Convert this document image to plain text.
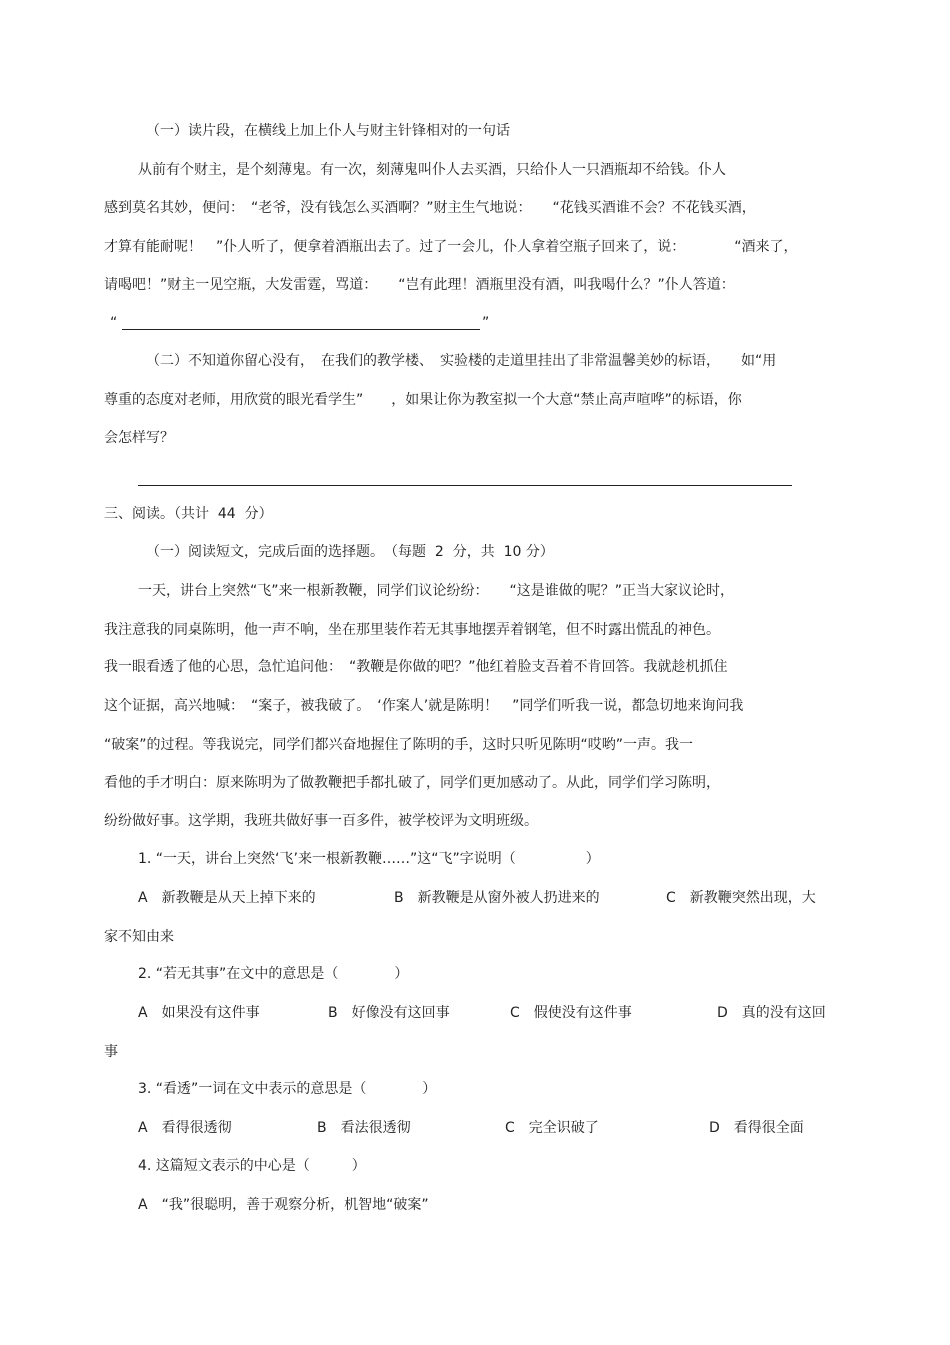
（一）读片段，在横线上加上仆人与财主针锋相对的一句话
从前有个财主，是个刻薄鬼。有一次，刻薄鬼叫仆人去买酒，只给仆人一只酒瓶却不给钱。仆人
感到莫名其妙，便问：　“老爷，没有钱怎么买酒啊？”财主生气地说：　　“花钱买酒谁不会？不花钱买酒，
才算有能耐呢！　”仆人听了，便拿着酒瓶出去了。过了一会儿，仆人拿着空瓶子回来了，说：　　　　“酒来了，
请喝吧！”财主一见空瓶，大发雷霆，骂道：　　“岂有此理！酒瓶里没有酒，叫我喝什么？”仆人答道：
“	”
（二）不知道你留心没有，　在我们的教学楼、　实验楼的走道里挂出了非常温馨美妙的标语，　　如“用
尊重的态度对老师，用欣赏的眼光看学生”　　，如果让你为教室拟一个大意“禁止高声喧哗”的标语，你
会怎样写？
三、阅读。（共计  44  分）
（一）阅读短文，完成后面的选择题。　（每题  2  分，共  10 分）
一天，讲台上突然“飞”来一根新教鞭，同学们议论纷纷：　　“这是谁做的呢？”正当大家议论时，
我注意我的同桌陈明，他一声不响，坐在那里装作若无其事地摆弄着钢笔，但不时露出慌乱的神色。
我一眼看透了他的心思，急忙追问他：　“教鞭是你做的吧？”他红着脸支吾着不肯回答。我就趁机抓住
这个证据，高兴地喊：　“案子，被我破了。　‘作案人’就是陈明！　”同学们听我一说，都急切地来询问我
“破案”的过程。等我说完，同学们都兴奋地握住了陈明的手，这时只听见陈明“哎哟”一声。我一
看他的手才明白：原来陈明为了做教鞭把手都扎破了，同学们更加感动了。从此，同学们学习陈明，
纷纷做好事。这学期，我班共做好事一百多件，被学校评为文明班级。
1. “一天，讲台上突然‘飞’来一根新教鞭……”这“飞”字说明（　　　　　）
A　新教鞭是从天上掉下来的	B　新教鞭是从窗外被人扔进来的	C　新教鞭突然出现，大
家不知由来
2. “若无其事”在文中的意思是（　　　　）
A　如果没有这件事	B　好像没有这回事	C　假使没有这件事	D　真的没有这回
事
3. “看透”一词在文中表示的意思是（　　　　）
A　看得很透彻	B　看法很透彻	C　完全识破了	D　看得很全面
4. 这篇短文表示的中心是（　　　）
A　“我”很聪明，善于观察分析，机智地“破案”
